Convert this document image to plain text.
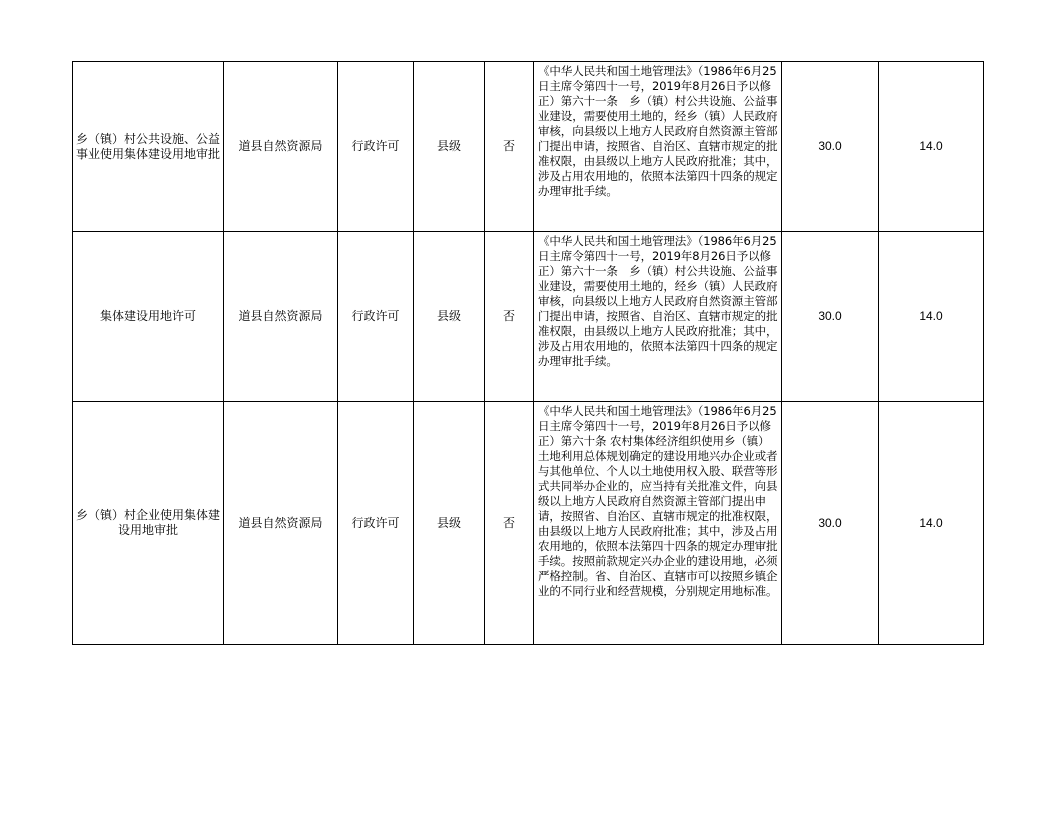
乡（镇）村公共设施、公益事业使用集体建设用地审批	道县自然资源局	行政许可	县级	否	《中华人民共和国土地管理法》（1986年6月25日主席令第四十一号，2019年8月26日予以修正）第六十一条　乡（镇）村公共设施、公益事业建设，需要使用土地的，经乡（镇）人民政府审核，向县级以上地方人民政府自然资源主管部门提出申请，按照省、自治区、直辖市规定的批准权限，由县级以上地方人民政府批准；其中，涉及占用农用地的，依照本法第四十四条的规定办理审批手续。	30.0	14.0
集体建设用地许可	道县自然资源局	行政许可	县级	否	《中华人民共和国土地管理法》（1986年6月25日主席令第四十一号，2019年8月26日予以修正）第六十一条　乡（镇）村公共设施、公益事业建设，需要使用土地的，经乡（镇）人民政府审核，向县级以上地方人民政府自然资源主管部门提出申请，按照省、自治区、直辖市规定的批准权限，由县级以上地方人民政府批准；其中，涉及占用农用地的，依照本法第四十四条的规定办理审批手续。	30.0	14.0
乡（镇）村企业使用集体建设用地审批	道县自然资源局	行政许可	县级	否	《中华人民共和国土地管理法》（1986年6月25日主席令第四十一号，2019年8月26日予以修正）第六十条 农村集体经济组织使用乡（镇）土地利用总体规划确定的建设用地兴办企业或者与其他单位、个人以土地使用权入股、联营等形式共同举办企业的，应当持有关批准文件，向县级以上地方人民政府自然资源主管部门提出申请，按照省、自治区、直辖市规定的批准权限，由县级以上地方人民政府批准；其中，涉及占用农用地的，依照本法第四十四条的规定办理审批手续。按照前款规定兴办企业的建设用地，必须严格控制。省、自治区、直辖市可以按照乡镇企业的不同行业和经营规模，分别规定用地标准。	30.0	14.0
